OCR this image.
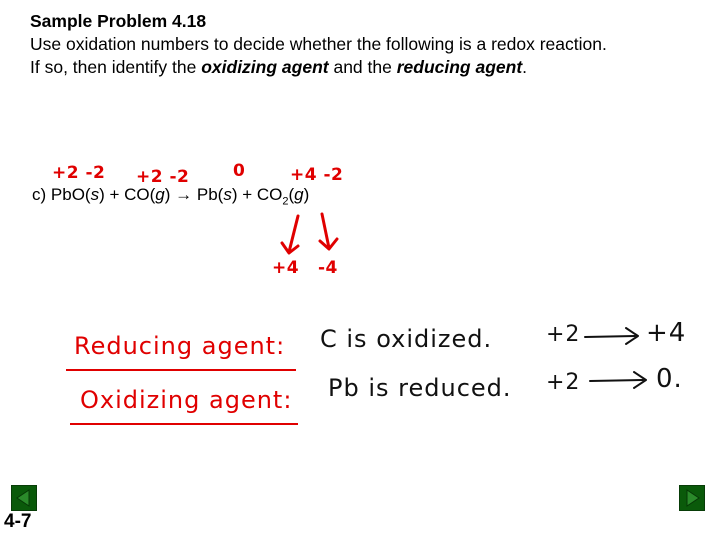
Sample Problem 4.18
Use oxidation numbers to decide whether the following is a redox reaction.
If so, then identify the oxidizing agent and the reducing agent.
+2 -2 +2 -2	0	+4 -2
c) $PbO(s) + CO(g) \to Pb(s) + CO_2(g)$
+4 -4
Reducing agent:
Oxidizing agent:
C is oxidized.
Pb is reduced.
+2	+4
+2	0.
4-7
